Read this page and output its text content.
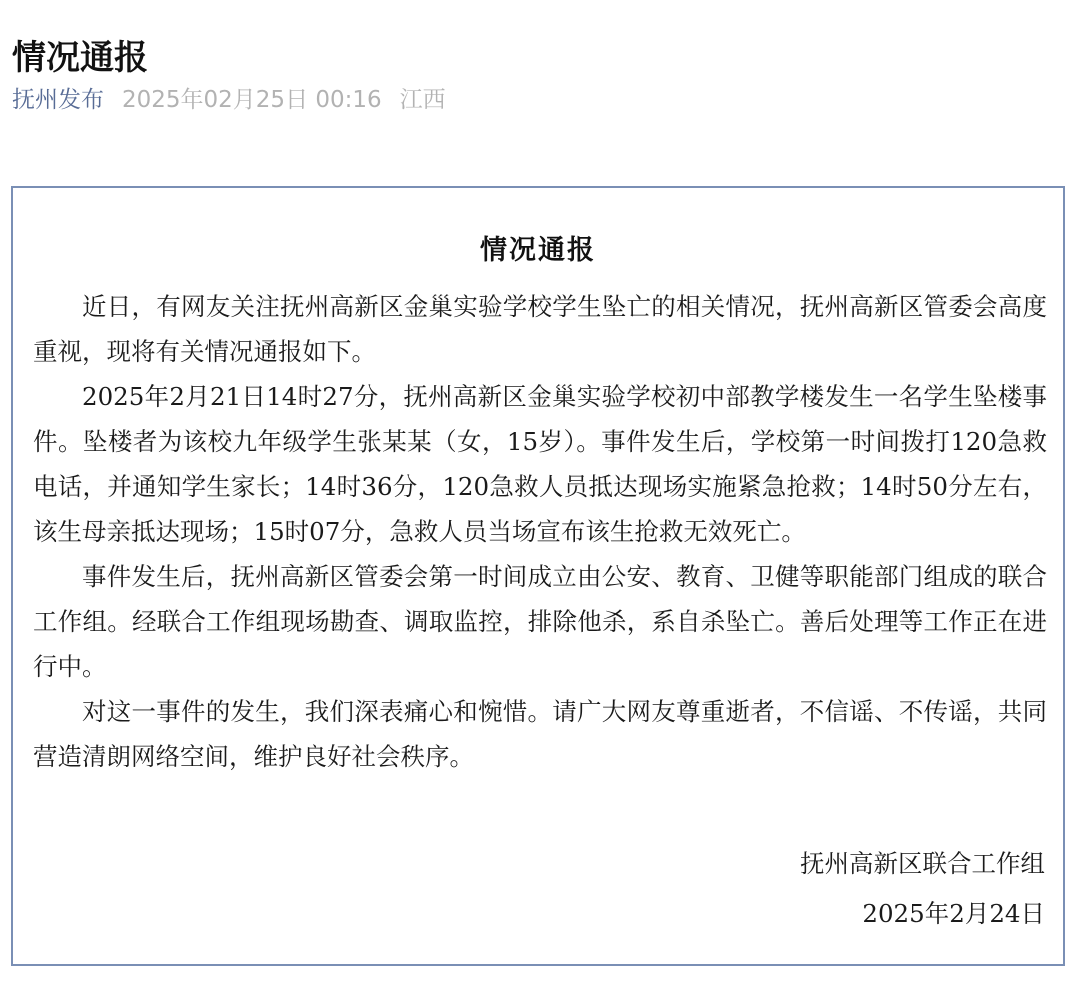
情况通报
抚州发布 2025年02月25日 00:16 江西
情况通报

近日，有网友关注抚州高新区金巢实验学校学生坠亡的相关情况，抚州高新区管委会高度重视，现将有关情况通报如下。

2025年2月21日14时27分，抚州高新区金巢实验学校初中部教学楼发生一名学生坠楼事件。坠楼者为该校九年级学生张某某（女，15岁）。事件发生后，学校第一时间拨打120急救电话，并通知学生家长；14时36分，120急救人员抵达现场实施紧急抢救；14时50分左右，该生母亲抵达现场；15时07分，急救人员当场宣布该生抢救无效死亡。

事件发生后，抚州高新区管委会第一时间成立由公安、教育、卫健等职能部门组成的联合工作组。经联合工作组现场勘查、调取监控，排除他杀，系自杀坠亡。善后处理等工作正在进行中。

对这一事件的发生，我们深表痛心和惋惜。请广大网友尊重逝者，不信谣、不传谣，共同营造清朗网络空间，维护良好社会秩序。

抚州高新区联合工作组
2025年2月24日
